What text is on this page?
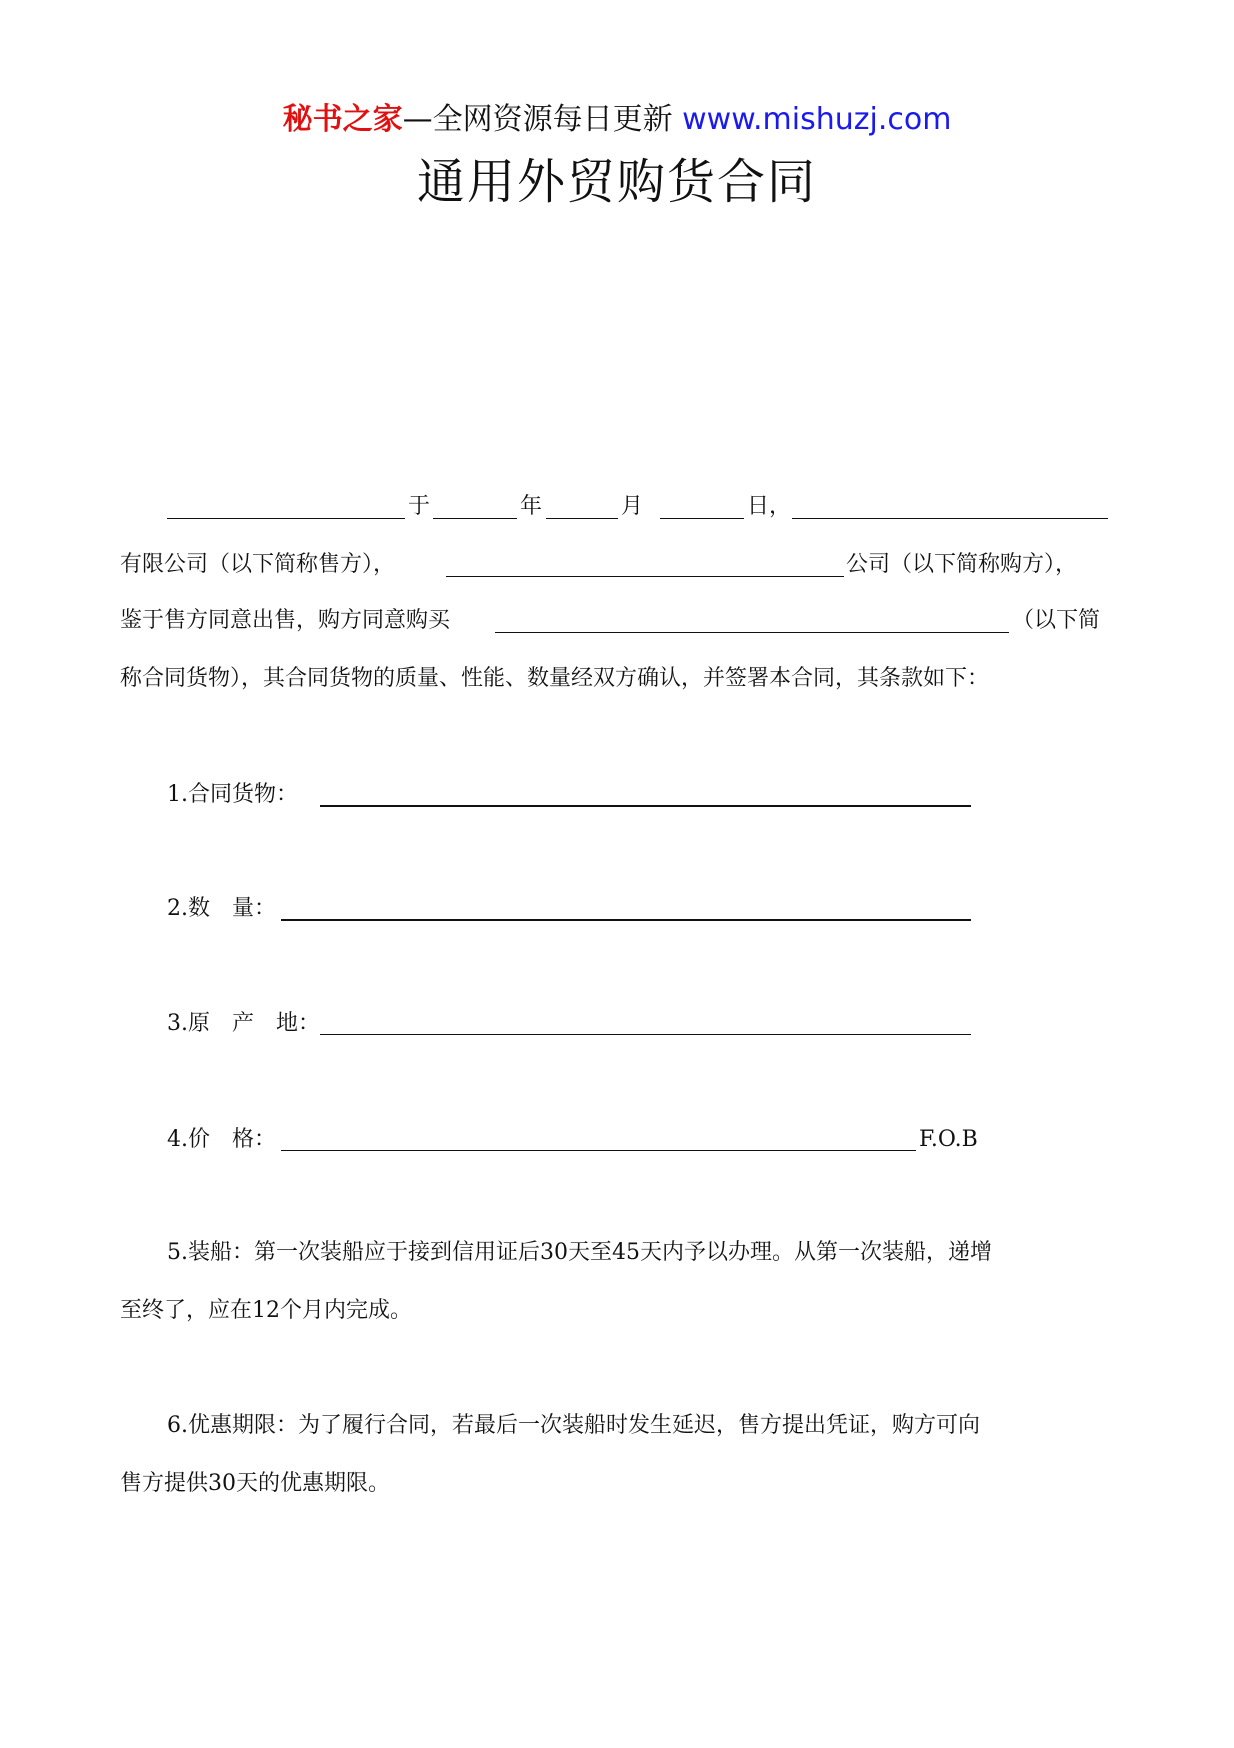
秘书之家—全网资源每日更新 www.mishuzj.com
通用外贸购货合同
于	年	月	日，
有限公司（以下简称售方），	公司（以下简称购方），
鉴于售方同意出售，购方同意购买	（以下简
称合同货物），其合同货物的质量、性能、数量经双方确认，并签署本合同，其条款如下：
1.合同货物：
2.数　量：
3.原　产　地：
4.价　格：	F.O.B
5.装船：第一次装船应于接到信用证后30天至45天内予以办理。从第一次装船，递增
至终了，应在12个月内完成。
6.优惠期限：为了履行合同，若最后一次装船时发生延迟，售方提出凭证，购方可向
售方提供30天的优惠期限。
